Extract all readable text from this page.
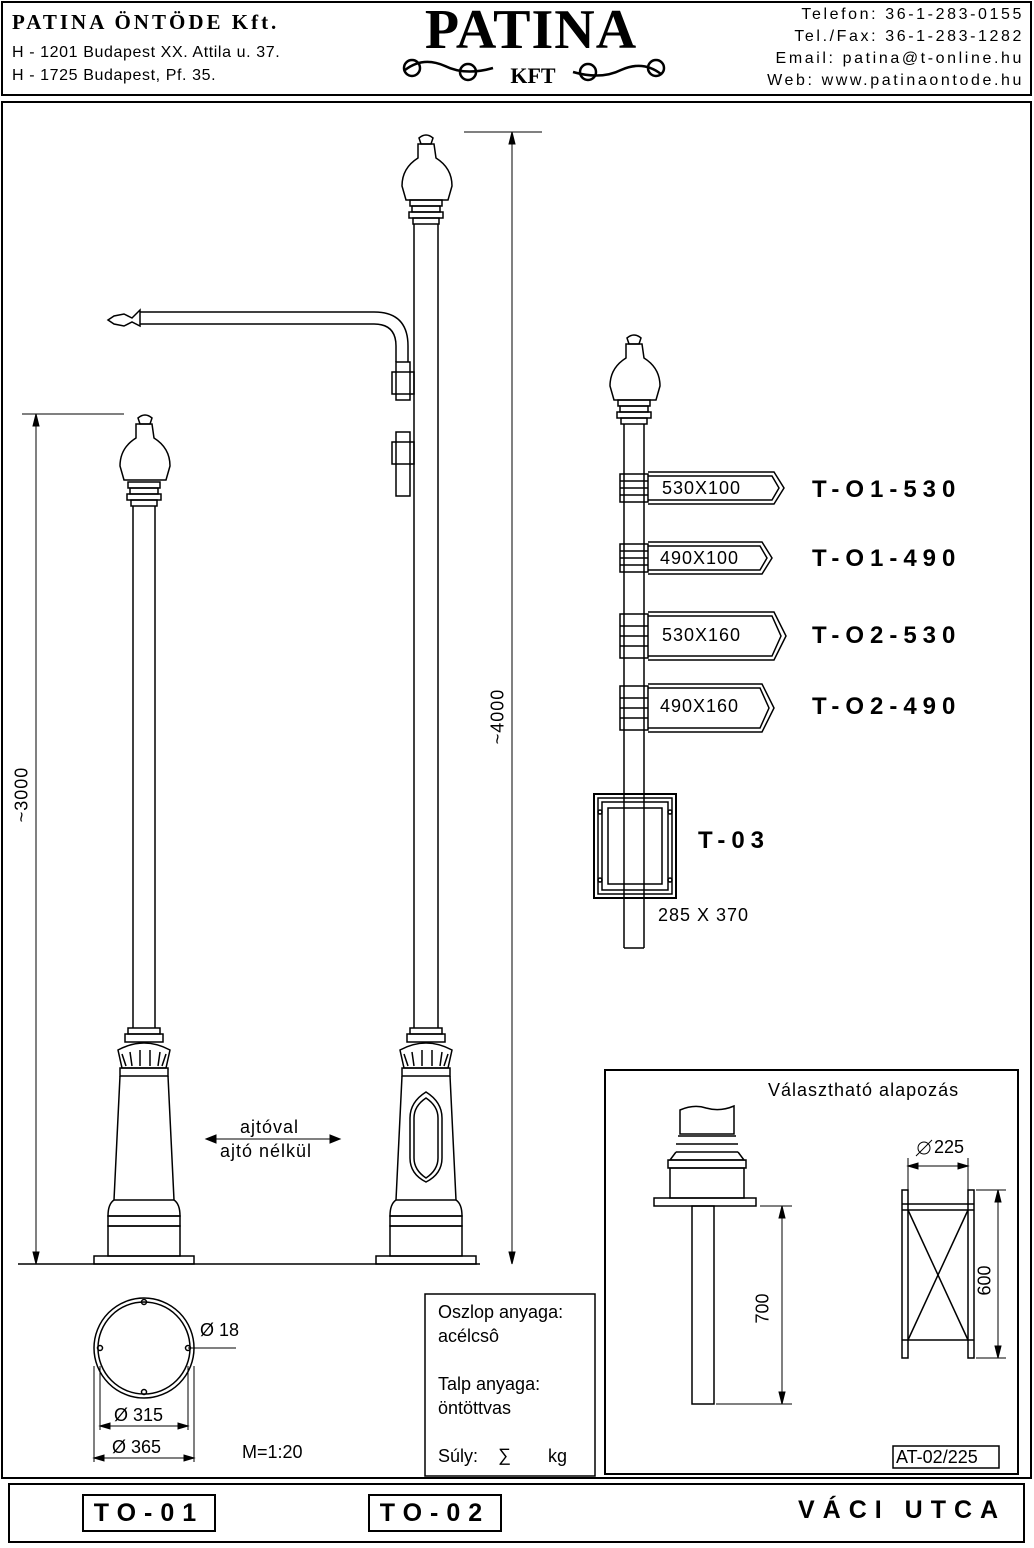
PATINA ÖNTÖDE Kft.
H - 1201 Budapest XX. Attila u. 37.
H - 1725 Budapest, Pf. 35.
PATINA
KFT
Telefon: 36-1-283-0155
Tel./Fax: 36-1-283-1282
Email: patina@t-online.hu
Web: www.patinaontode.hu
~3000
~4000
ajtóval
ajtó nélkül
530X100	T-O1-530
490X100	T-O1-490
530X160	T-O2-530
490X160	T-O2-490
T-03
285 X 370
Ø 18
Ø 315
Ø 365	M=1:20
Oszlop anyaga:
acélcsô
Talp anyaga:
öntöttvas
Súly: ∑ kg
Választható alapozás
700
225
600
AT-02/225
TO-01	TO-02	VÁCI UTCA
